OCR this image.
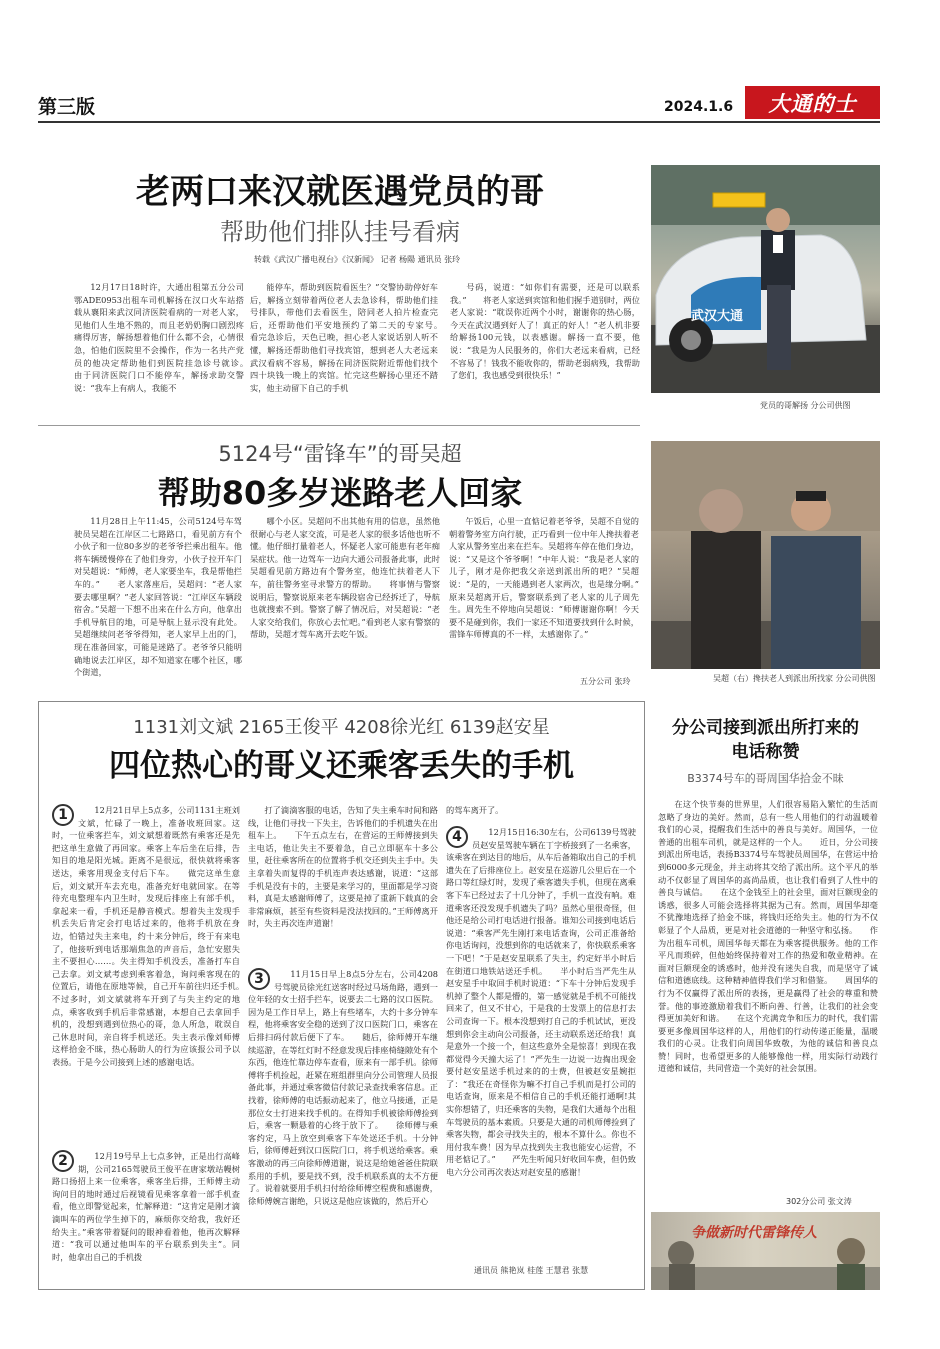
第三版	2024.1.6 大通的士
老两口来汉就医遇党员的哥
帮助他们排队挂号看病
转载《武汉广播电视台》《汉新闻》 记者 杨陽 通讯员 张玲

12月17日18时许，大通出租第五分公司鄂ADE0953出租车司机解扬在汉口火车站搭载从襄阳来武汉同济医院看病的一对老人家，见他们人生地不熟的，而且老奶奶胸口剧烈疼痛得厉害，解扬想着他们什么都不会，心情很急，怕他们医院里不会操作，作为一名共产党员的他决定帮助他们到医院挂急诊号就诊。　　由于同济医院门口不能停车，解扬求助交警说：“我车上有病人，我能不

能停车，帮助到医院看医生？”交警协助停好车后，解扬立刻带着两位老人去急诊科，帮助他们挂号排队，带他们去看医生，陪同老人拍片检查完后，还帮助他们平安地预约了第二天的专家号。　　看完急诊后，天色已晚，担心老人家说话别人听不懂，解扬还帮助他们寻找宾馆，想到老人大老远来武汉看病不容易，解扬在同济医院附近帮他们找个四十块钱一晚上的宾馆。忙完这些解扬心里还不踏实，他主动留下自己的手机

号码，说道：“如你们有需要，还是可以联系我。”　　将老人家送到宾馆和他们握手道别时，两位老人家说：“耽误你近两个小时，谢谢你的热心肠，今天在武汉遇到好人了！真正的好人！”老人机非要给解扬100元钱，以表感谢。解扬一直不要，他说：“我是为人民服务的，你们大老远来看病，已经不容易了！钱我不能收你的，帮助老弱病残，我帮助了您们，我也感受到很快乐！”

武汉大通
党员的哥解扬 分公司供图
5124号“雷锋车”的哥吴超
帮助80多岁迷路老人回家

11月28日上午11:45，公司5124号车驾驶员吴超在江岸区二七路路口，看见前方有个小伙子和一位80多岁的老爷爷拦乘出租车。他将车辆缓慢停在了他们身旁，小伙子拉开车门对吴超说：“师傅，老人家要坐车，我是帮他拦车的。”　　老人家落座后，吴超问：“老人家要去哪里啊？”老人家回答说：“江岸区车辆段宿舍。”吴超一下想不出来在什么方向，他拿出手机导航目的地，可是导航上显示没有此处。吴超继续问老爷爷得知，老人家早上出的门，现在准备回家，可能是迷路了。老爷爷只能明确地说去江岸区，却不知道家在哪个社区，哪个街道，

哪个小区。吴超问不出其他有用的信息，虽然他很耐心与老人家交流，可是老人家的很多话他也听不懂。他仔细打量着老人，怀疑老人家可能患有老年痴呆症状。他一边驾车一边向大通公司报备此事，此时吴超看见前方路边有个警务室，他连忙扶着老人下车，前往警务室寻求警方的帮助。　　将事情与警察说明后，警察说原来老车辆段宿舍已经拆迁了，导航也就搜索不到。警察了解了情况后，对吴超说：“老人家交给我们，你放心去忙吧。”看到老人家有警察的帮助，吴超才驾车离开去吃午饭。

午饭后，心里一直惦记着老爷爷，吴超不自觉的朝着警务室方向行驶，正巧看到一位中年人搀扶着老人家从警务室出来在拦车。吴超将车停在他们身边，说：“又是这个爷爷啊！”中年人说：“我是老人家的儿子，刚才是你把我父亲送到派出所的吧？”吴超说：“是的，一天能遇到老人家两次，也是缘分啊。”　　原来吴超离开后，警察联系到了老人家的儿子周先生。周先生不停地向吴超说：“师傅谢谢你啊！今天要不是碰到你，我们一家还不知道要找到什么时候，雷锋车师傅真的不一样，太感谢你了。”

五分公司 张玲	吴超（右）搀扶老人到派出所找家 分公司供图
1131刘文斌 2165王俊平 4208徐光红 6139赵安星
四位热心的哥义还乘客丢失的手机
1	12月21日早上5点多，公司1131主班刘文斌，忙碌了一晚上，准备收班回家。这时，一位乘客拦车，刘文斌想着既然有乘客还是先把这单生意做了再回家。乘客上车后坐在后排，告知目的地是阳光城。距离不是很远，很快就将乘客送达，乘客用现金支付后下车。　　做完这单生意后，刘文斌开车去充电，准备充好电就回家。在等待充电整理车内卫生时，发现后排座上有部手机，拿起来一看，手机还是静音模式。想着失主发现手机丢失后肯定会打电话过来的，他将手机放在身边，怕错过失主来电，约十来分钟后，终于有来电了，他接听到电话那端焦急的声音后，急忙安慰失主不要担心……。失主得知手机没丢，准备打车自己去拿。刘文斌考虑到乘客着急，询问乘客现在的位置后，请他在原地等候，自己开车前往归还手机。　　不过多时，刘文斌就将车开到了与失主约定的地点，乘客收到手机后非常感谢，本想自己去拿回手机的，没想到遇到位热心的哥，急人所急，耽误自己休息时间，亲自将手机送还。失主表示像刘师傅这样拾金不昧，热心肠助人的行为应该报公司予以表扬。于是今公司接到上述的感谢电话。

2	12月19号早上七点多钟，正是出行高峰期，公司2165驾驶员王俊平在唐家墩站幔树路口扬招上来一位乘客，乘客坐后排，王师傅主动询问目的地时通过后视镜看见乘客拿着一部手机查看，他立即警觉起来，忙解释道：“这肯定是刚才滴滴叫车的两位学生掉下的，麻烦你交给我，我好还给失主。”乘客带着疑问的眼神看着他，他再次解释道：“我可以通过他叫车的平台联系到失主”。同时，他拿出自己的手机拨

打了滴滴客服的电话，告知了失主乘车时间和路线，让他们寻找一下失主，告诉他们的手机遗失在出租车上。　　下午五点左右，在营运的王师傅接到失主电话，他让失主不要着急，自己立即驱车十多公里，赶往乘客所在的位置将手机交还到失主手中。失主拿着失而复得的手机连声表达感谢，说道：“这部手机是没有卡的，主要是来学习的，里面都是学习资料，真是太感谢师傅了，这要是掉了重新下载真的会非常麻烦，甚至有些资料是没法找回的。”王师傅离开时，失主再次连声道谢！

3	11月15日早上8点5分左右，公司4208号驾驶员徐光红送客时经过马场角路，遇到一位年轻的女士招手拦车，说要去二七路的汉口医院。因为是工作日早上，路上有些堵车，大约十多分钟车程，他将乘客安全稳的送到了汉口医院门口，乘客在后排扫码付款后便下了车。　　随后，徐师傅开车继续巡游，在等红灯时不经意发现后排座椅缝隙处有个东西，他连忙靠边停车查看，原来有一部手机。徐师傅将手机捡起，赶紧在班组群里向分公司管理人员报备此事，并通过乘客微信付款记录查找乘客信息。正找着，徐师傅的电话振动起来了，他立马接通，正是那位女士打进来找手机的。在得知手机被徐师傅捡到后，乘客一颗悬着的心终于放下了。　　徐师傅与乘客约定，马上放空到乘客下车处送还手机。十分钟后，徐师傅赶到汉口医院门口，将手机送给乘客。乘客激动的再三向徐师傅道谢，说这是给她爸爸住院联系用的手机，要是找不到，没手机联系真的太不方便了。说着就要用手机扫付给徐师傅空程费和感谢费，徐师傅婉言谢绝，只说这是他应该做的，然后开心

的驾车离开了。

4	12月15日16:30左右，公司6139号驾驶员赵安星驾驶车辆在丁字桥接到了一名乘客，该乘客在到达目的地后，从车后备箱取出自己的手机遗失在了后排座位上。赵安星在巡游几公里后在一个路口等红绿灯时，发现了乘客遗失手机，但现在离乘客下车已经过去了十几分钟了，手机一直没有响。难道乘客还没发现手机遗失了吗？虽然心里很奇怪，但他还是给公司打电话进行报备。谁知公司接到电话后说道：“乘客严先生刚打来电话查询，公司正准备给你电话询问，没想到你的电话就来了，你快联系乘客一下吧！”于是赵安星联系了失主，约定好半小时后在街道口地铁站送还手机。　　半小时后当严先生从赵安星手中取回手机时说道：“下车十分钟后发现手机掉了整个人都是懵的，第一感觉就是手机不可能找回来了，但又不甘心，于是我的士发票上的信息打去公司查询一下。根本没想到打自己的手机试试，更没想到你会主动向公司报备，还主动联系送还给我！真是意外一个接一个，但这些意外全是惊喜！到现在我都觉得今天撞大运了！”严先生一边说一边掏出现金要付赵安星送手机过来的的士费，但被赵安星婉拒了：“我还在奇怪你为嘛不打自己手机而是打公司的电话查询，原来是不相信自己的手机还能打通啊!其实你想错了，归还乘客的失物，是我们大通每个出租车驾驶员的基本素质。只要是大通的司机师傅捡到了乘客失物，都会寻找失主的，根本不算什么。你也不用付我车费！因为早点找到失主我也能安心运营，不用老惦记了。”　　严先生听闻只好收回车费，但仍致电六分公司再次表达对赵安星的感谢！

通讯员 熊艳岚 桂莲 王慧君 张慧
分公司接到派出所打来的
电话称赞
B3374号车的哥周国华拾金不昧

在这个快节奏的世界里，人们很容易陷入繁忙的生活而忽略了身边的美好。然而，总有一些人用他们的行动温暖着我们的心灵，提醒我们生活中的善良与美好。周国华，一位普通的出租车司机，就是这样的一个人。　　近日，分公司接到派出所电话，表扬B3374号车驾驶员周国华，在营运中拾到6000多元现金，并主动将其交给了派出所。这个平凡的举动不仅彰显了周国华的高尚品质，也让我们看到了人性中的善良与诚信。　　在这个金钱至上的社会里，面对巨额现金的诱惑，很多人可能会选择将其据为己有。然而，周国华却毫不犹豫地选择了拾金不昧，将钱归还给失主。他的行为不仅彰显了个人品质，更是对社会道德的一种坚守和弘扬。　　作为出租车司机，周国华每天都在为乘客提供服务。他的工作平凡而琐碎，但他始终保持着对工作的热爱和敬业精神。在面对巨额现金的诱惑时，他并没有迷失自我，而是坚守了诚信和道德底线。这种精神值得我们学习和借鉴。　　周国华的行为不仅赢得了派出所的表扬，更是赢得了社会的尊重和赞誉。他的事迹激励着我们不断向善、行善，让我们的社会变得更加美好和谐。　　在这个充满竞争和压力的时代，我们需要更多像周国华这样的人，用他们的行动传递正能量，温暖我们的心灵。让我们向周国华致敬，为他的诚信和善良点赞！同时，也希望更多的人能够像他一样，用实际行动践行道德和诚信，共同营造一个美好的社会氛围。

302分公司 张文涛
争做新时代雷锋传人
